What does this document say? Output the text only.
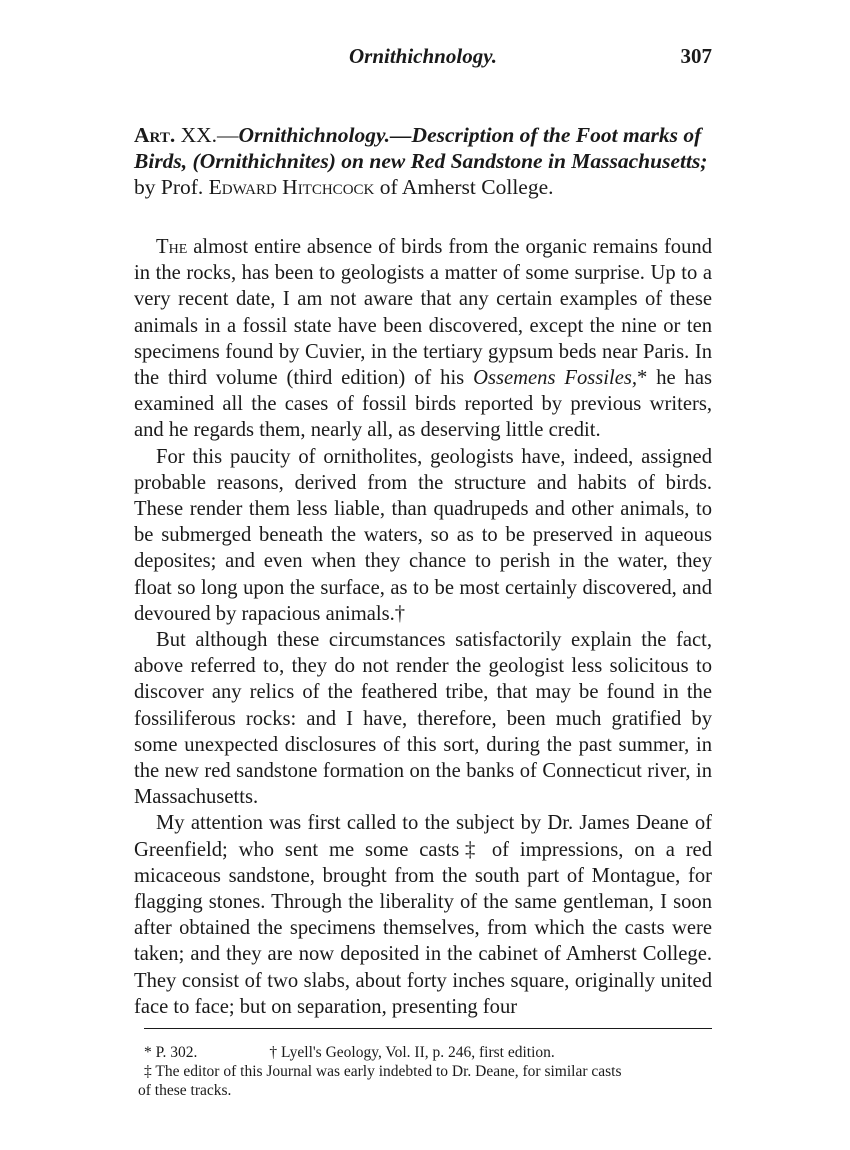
Ornithichnology.	307
Art. XX.—Ornithichnology.—Description of the Foot marks of
Birds, (Ornithichnites) on new Red Sandstone in Massachusetts;
by Prof. Edward Hitchcock of Amherst College.

The almost entire absence of birds from the organic remains found in the rocks, has been to geologists a matter of some surprise. Up to a very recent date, I am not aware that any certain examples of these animals in a fossil state have been discovered, except the nine or ten specimens found by Cuvier, in the tertiary gypsum beds near Paris. In the third volume (third edition) of his Ossemens Fossiles,* he has examined all the cases of fossil birds reported by previous writers, and he regards them, nearly all, as deserving little credit.

For this paucity of ornitholites, geologists have, indeed, assigned probable reasons, derived from the structure and habits of birds. These render them less liable, than quadrupeds and other animals, to be submerged beneath the waters, so as to be preserved in aqueous deposites; and even when they chance to perish in the water, they float so long upon the surface, as to be most certainly discovered, and devoured by rapacious animals.†

But although these circumstances satisfactorily explain the fact, above referred to, they do not render the geologist less solicitous to discover any relics of the feathered tribe, that may be found in the fossiliferous rocks: and I have, therefore, been much gratified by some unexpected disclosures of this sort, during the past summer, in the new red sandstone formation on the banks of Connecticut river, in Massachusetts.

My attention was first called to the subject by Dr. James Deane of Greenfield; who sent me some casts‡ of impressions, on a red micaceous sandstone, brought from the south part of Montague, for flagging stones. Through the liberality of the same gentleman, I soon after obtained the specimens themselves, from which the casts were taken; and they are now deposited in the cabinet of Amherst College. They consist of two slabs, about forty inches square, originally united face to face; but on separation, presenting four

* P. 302.	† Lyell's Geology, Vol. II, p. 246, first edition.
‡ The editor of this Journal was early indebted to Dr. Deane, for similar casts
of these tracks.
